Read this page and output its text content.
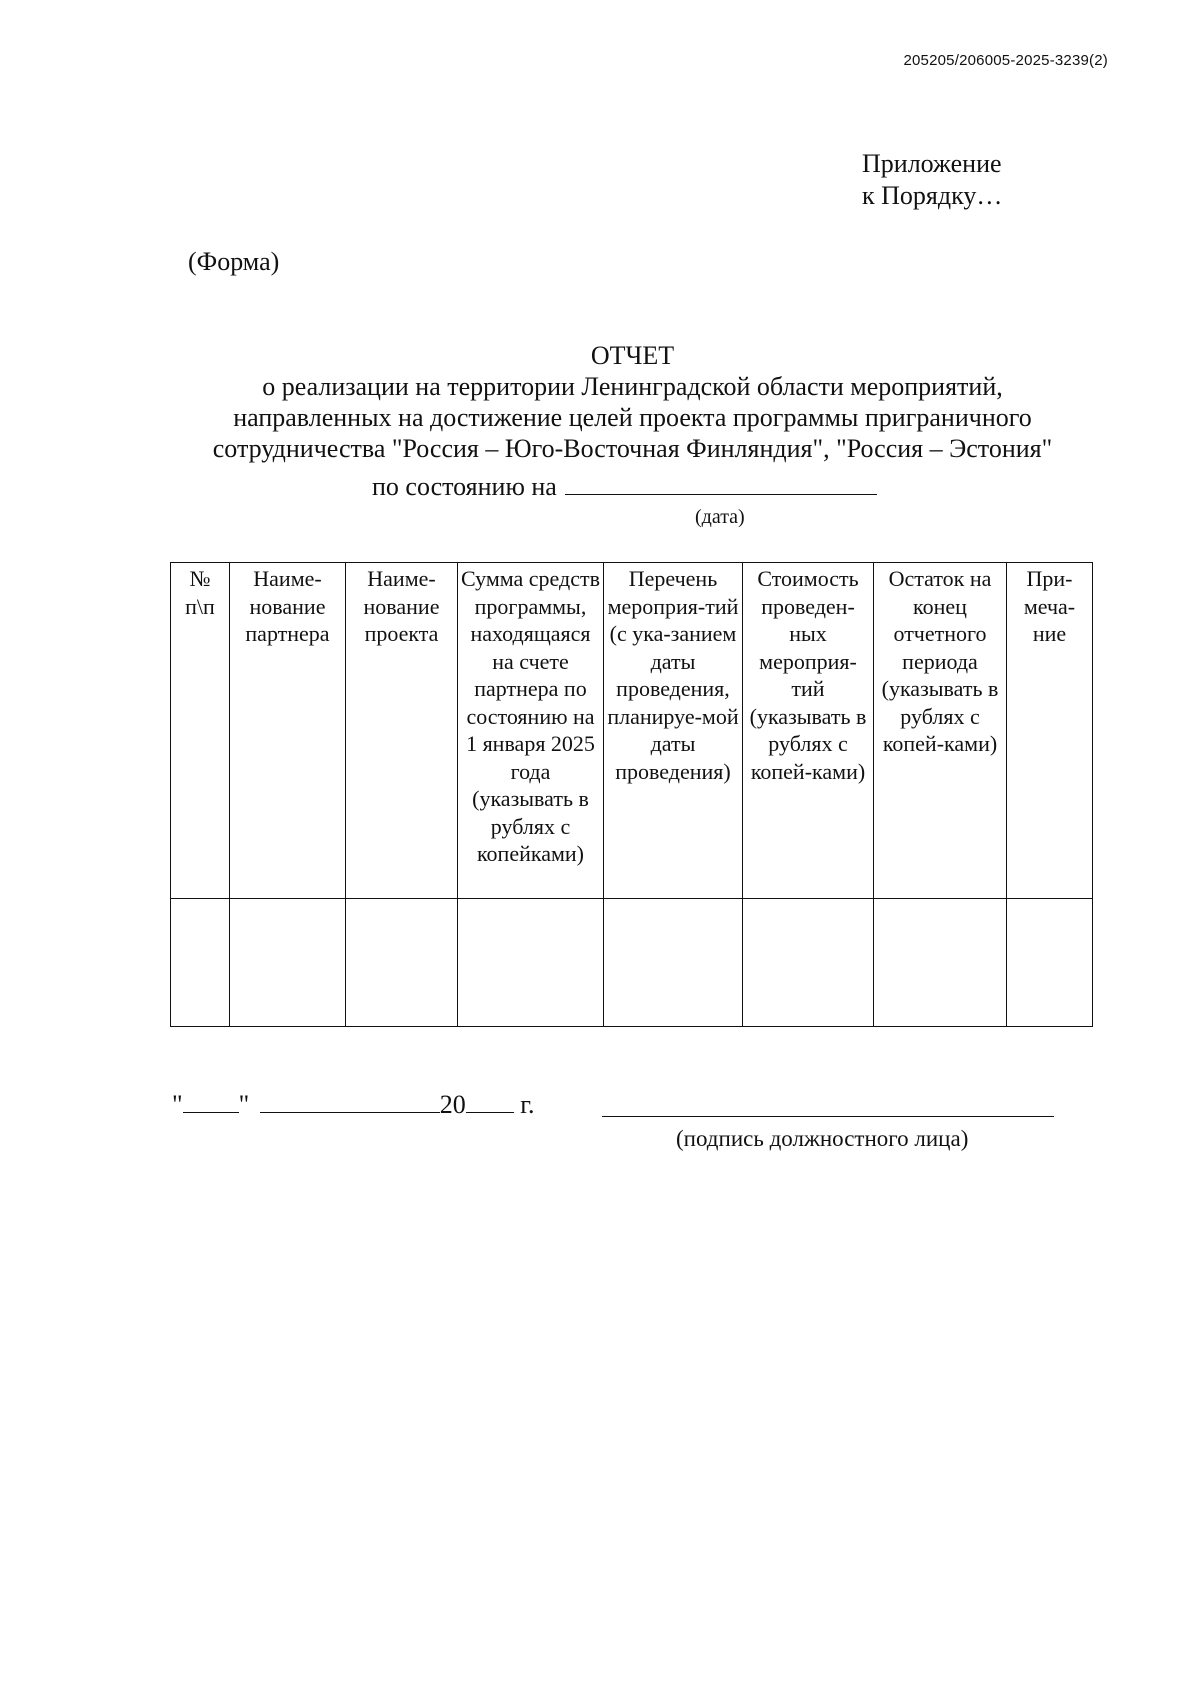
205205/206005-2025-3239(2)
Приложение
к Порядку…
(Форма)
ОТЧЕТ
о реализации на территории Ленинградской области мероприятий,
направленных на достижение целей проекта программы приграничного
сотрудничества "Россия – Юго-Восточная Финляндия", "Россия – Эстония"
по состоянию на
(дата)
№ п\п	Наиме-нование партнера	Наиме-нование проекта	Сумма средств программы, находящаяся на счете партнера по состоянию на 1 января 2025 года (указывать в рублях с копейками)	Перечень мероприя-тий (с ука-занием даты проведения, планируе-мой даты проведения)	Стоимость проведен-ных мероприя-тий (указывать в рублях с копей-ками)	Остаток на конец отчетного периода (указывать в рублях с копей-ками)	При-меча-ние

" "	20 г.
(подпись должностного лица)
